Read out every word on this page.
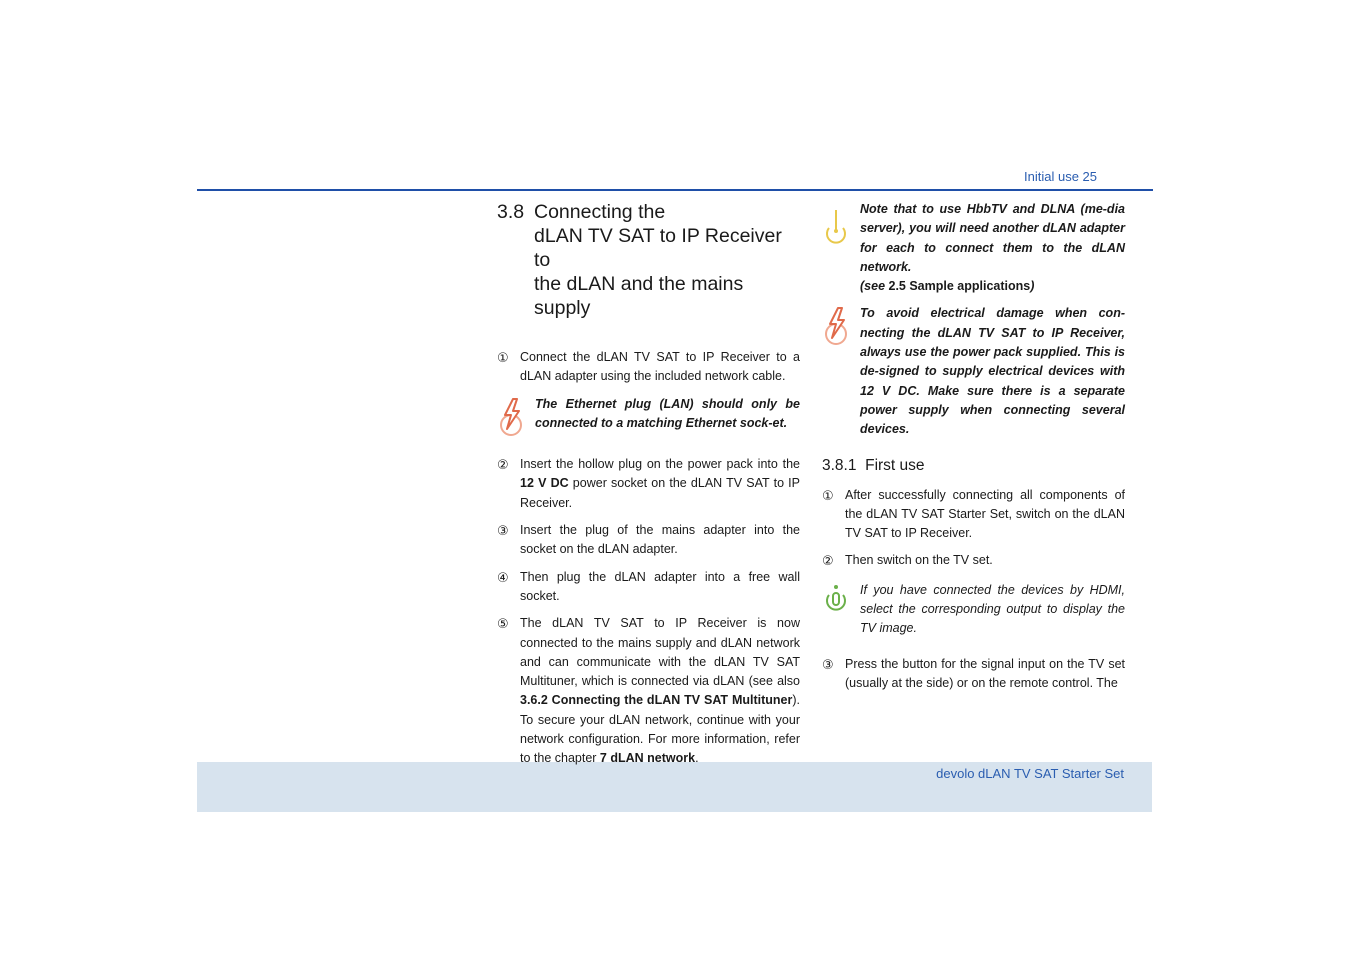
Initial use 25
devolo dLAN TV SAT Starter Set
3.8 Connecting the
dLAN TV SAT to IP Receiver to
the dLAN and the mains supply
① Connect the dLAN TV SAT to IP Receiver to a dLAN adapter using the included network cable.
The Ethernet plug (LAN) should only be connected to a matching Ethernet sock-et.
② Insert the hollow plug on the power pack into the 12 V DC power socket on the dLAN TV SAT to IP Receiver.
③ Insert the plug of the mains adapter into the socket on the dLAN adapter.
④ Then plug the dLAN adapter into a free wall socket.
⑤ The dLAN TV SAT to IP Receiver is now connected to the mains supply and dLAN network and can communicate with the dLAN TV SAT Multituner, which is connected via dLAN (see also 3.6.2 Connecting the dLAN TV SAT Multituner). To secure your dLAN network, continue with your network configuration. For more information, refer to the chapter 7 dLAN network.
Note that to use HbbTV and DLNA (me-dia server), you will need another dLAN adapter for each to connect them to the dLAN network.
(see 2.5 Sample applications)
To avoid electrical damage when con-necting the dLAN TV SAT to IP Receiver, always use the power pack supplied. This is de-signed to supply electrical devices with 12 V DC. Make sure there is a separate power supply when connecting several devices.
3.8.1 First use
① After successfully connecting all components of the dLAN TV SAT Starter Set, switch on the dLAN TV SAT to IP Receiver.
② Then switch on the TV set.
If you have connected the devices by HDMI, select the corresponding output to display the TV image.
③ Press the button for the signal input on the TV set (usually at the side) or on the remote control. The
